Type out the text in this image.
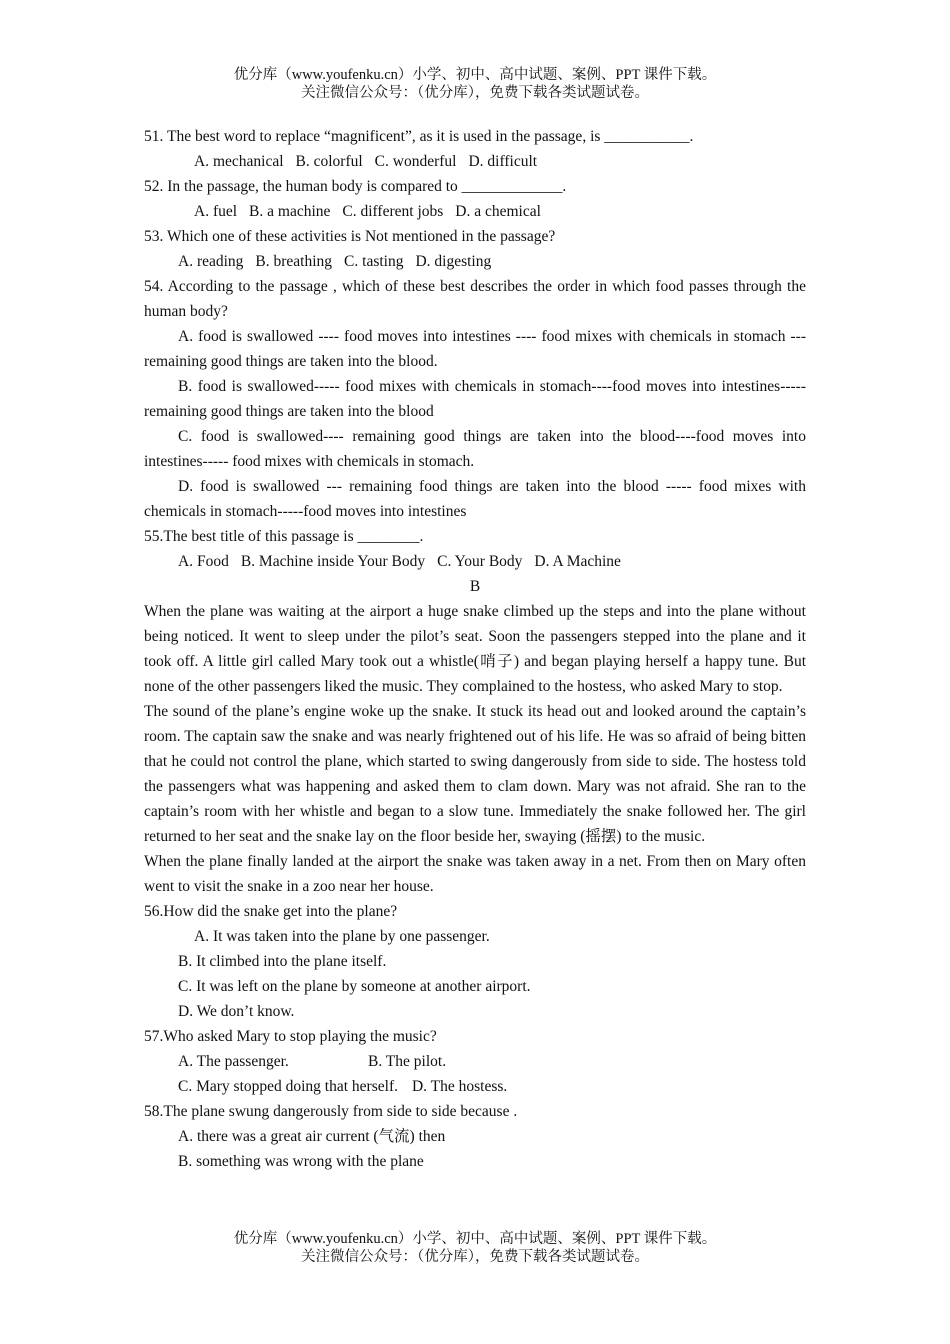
优分库（www.youfenku.cn）小学、初中、高中试题、案例、PPT 课件下载。
关注微信公众号：（优分库），免费下载各类试题试卷。
51. The best word to replace “magnificent”, as it is used in the passage, is ___________.
A. mechanical B. colorful C. wonderful D. difficult
52. In the passage, the human body is compared to _____________.
A. fuel B. a machine C. different jobs D. a chemical
53. Which one of these activities is Not mentioned in the passage?
A. reading B. breathing C. tasting D. digesting
54. According to the passage , which of these best describes the order in which food passes through the human body?
A. food is swallowed ---- food moves into intestines ---- food mixes with chemicals in stomach --- remaining good things are taken into the blood.
B. food is swallowed----- food mixes with chemicals in stomach----food moves into intestines-----remaining good things are taken into the blood
C. food is swallowed---- remaining good things are taken into the blood----food moves into intestines----- food mixes with chemicals in stomach.
D. food is swallowed --- remaining food things are taken into the blood ----- food mixes with chemicals in stomach-----food moves into intestines
55.The best title of this passage is ________.
A. Food B. Machine inside Your Body C. Your Body D. A Machine
B
When the plane was waiting at the airport a huge snake climbed up the steps and into the plane without being noticed. It went to sleep under the pilot’s seat. Soon the passengers stepped into the plane and it took off. A little girl called Mary took out a whistle(哨子) and began playing herself a happy tune. But none of the other passengers liked the music. They complained to the hostess, who asked Mary to stop.
The sound of the plane’s engine woke up the snake. It stuck its head out and looked around the captain’s room. The captain saw the snake and was nearly frightened out of his life. He was so afraid of being bitten that he could not control the plane, which started to swing dangerously from side to side. The hostess told the passengers what was happening and asked them to clam down. Mary was not afraid. She ran to the captain’s room with her whistle and began to a slow tune. Immediately the snake followed her. The girl returned to her seat and the snake lay on the floor beside her, swaying (摇摆) to the music.
When the plane finally landed at the airport the snake was taken away in a net. From then on Mary often went to visit the snake in a zoo near her house.
56.How did the snake get into the plane?
A. It was taken into the plane by one passenger.
B. It climbed into the plane itself.
C. It was left on the plane by someone at another airport.
D. We don’t know.
57.Who asked Mary to stop playing the music?
A. The passenger.	B. The pilot.
C. Mary stopped doing that herself. D. The hostess.
58.The plane swung dangerously from side to side because .
A. there was a great air current (气流) then
B. something was wrong with the plane
优分库（www.youfenku.cn）小学、初中、高中试题、案例、PPT 课件下载。
关注微信公众号：（优分库），免费下载各类试题试卷。
